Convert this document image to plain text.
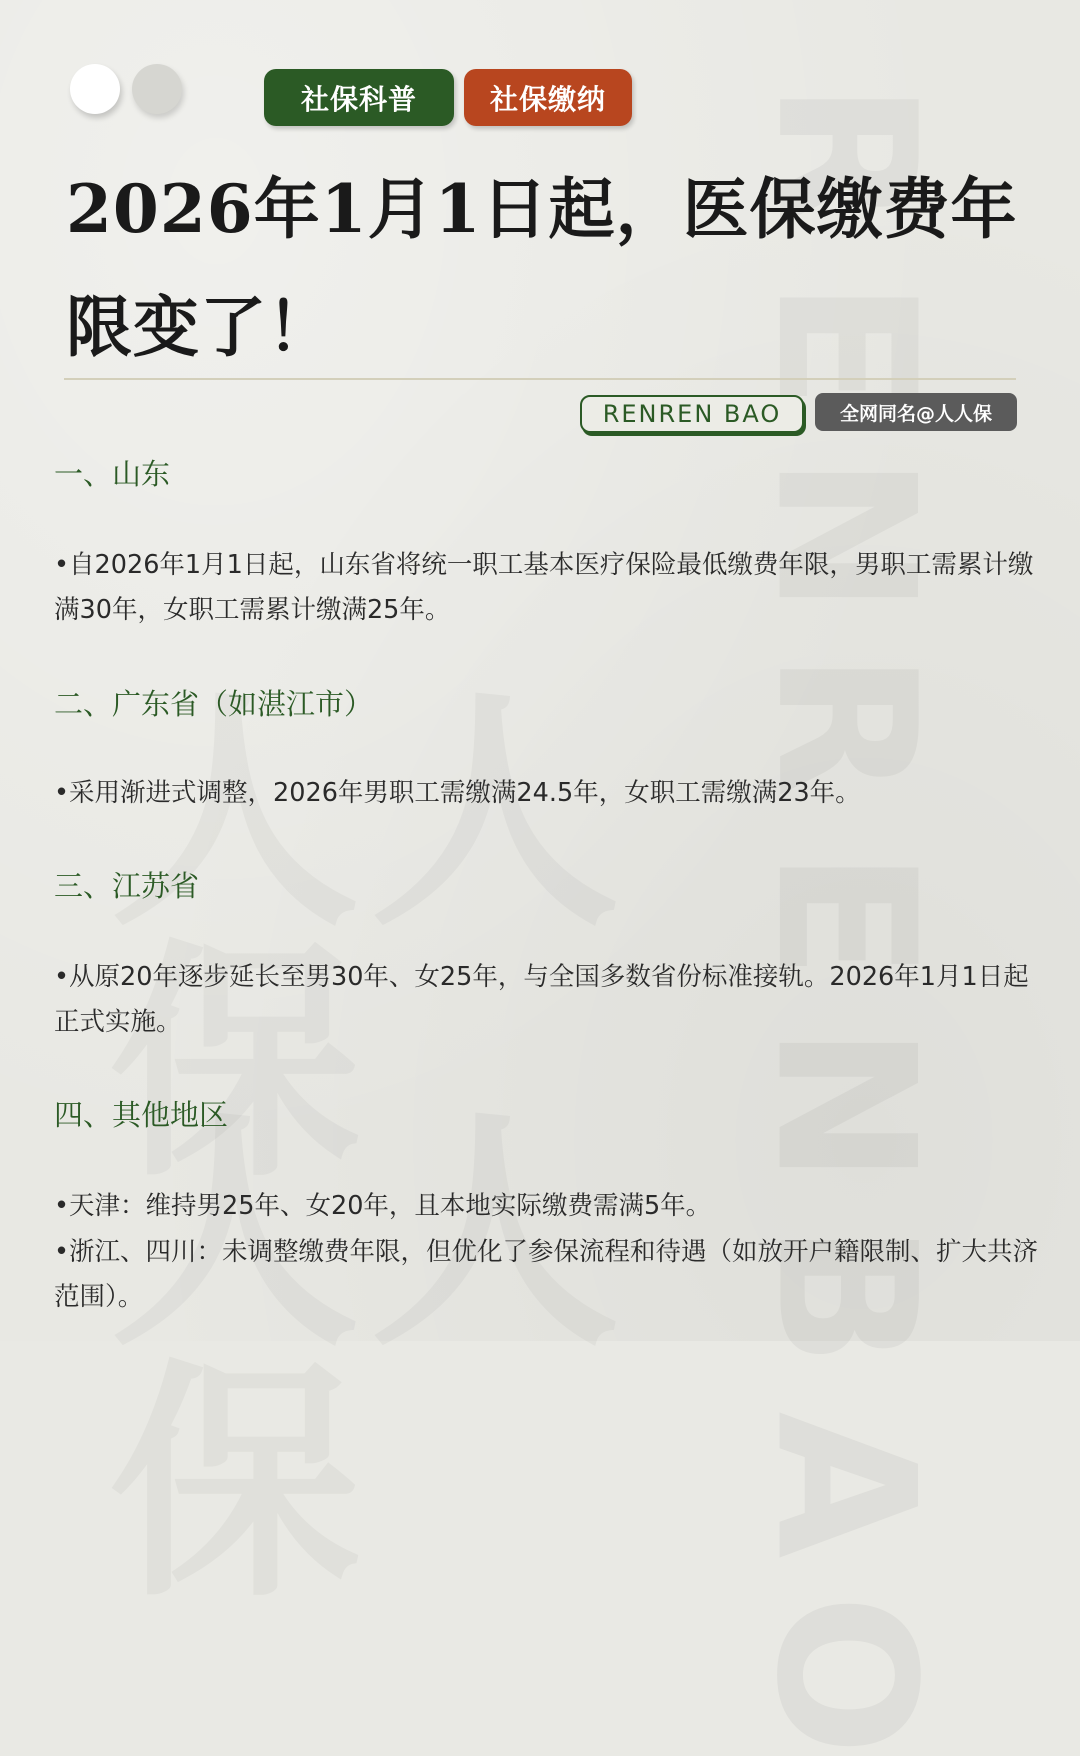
社保科普	社保缴纳
2026年1月1日起，医保缴费年限变了！
RENREN BAO	全网同名@人人保
一、山东
•自2026年1月1日起，山东省将统一职工基本医疗保险最低缴费年限，男职工需累计缴满30年，女职工需累计缴满25年。
二、广东省（如湛江市）
•采用渐进式调整，2026年男职工需缴满24.5年，女职工需缴满23年。
三、江苏省
•从原20年逐步延长至男30年、女25年，与全国多数省份标准接轨。2026年1月1日起正式实施。
四、其他地区
•天津：维持男25年、女20年，且本地实际缴费需满5年。
•浙江、四川：未调整缴费年限，但优化了参保流程和待遇（如放开户籍限制、扩大共济范围）。
